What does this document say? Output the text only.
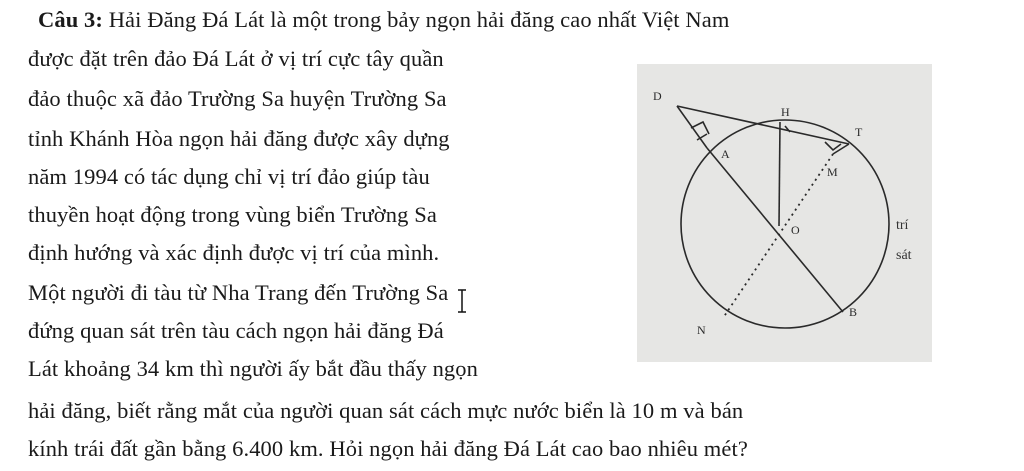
Câu 3: Hải Đăng Đá Lát là một trong bảy ngọn hải đăng cao nhất Việt Nam
được đặt trên đảo Đá Lát ở vị trí cực tây quần
đảo thuộc xã đảo Trường Sa huyện Trường Sa
tỉnh Khánh Hòa ngọn hải đăng được xây dựng
năm 1994 có tác dụng chỉ vị trí đảo giúp tàu
thuyền hoạt động trong vùng biển Trường Sa
định hướng và xác định được vị trí của mình.
Một người đi tàu từ Nha Trang đến Trường Sa
đứng quan sát trên tàu cách ngọn hải đăng Đá
Lát khoảng 34 km thì người ấy bắt đầu thấy ngọn
hải đăng, biết rằng mắt của người quan sát cách mực nước biển là 10 m và bán
kính trái đất gần bằng 6.400 km. Hỏi ngọn hải đăng Đá Lát cao bao nhiêu mét?
D
H
T
A
M
O
B
N
trí
sát
